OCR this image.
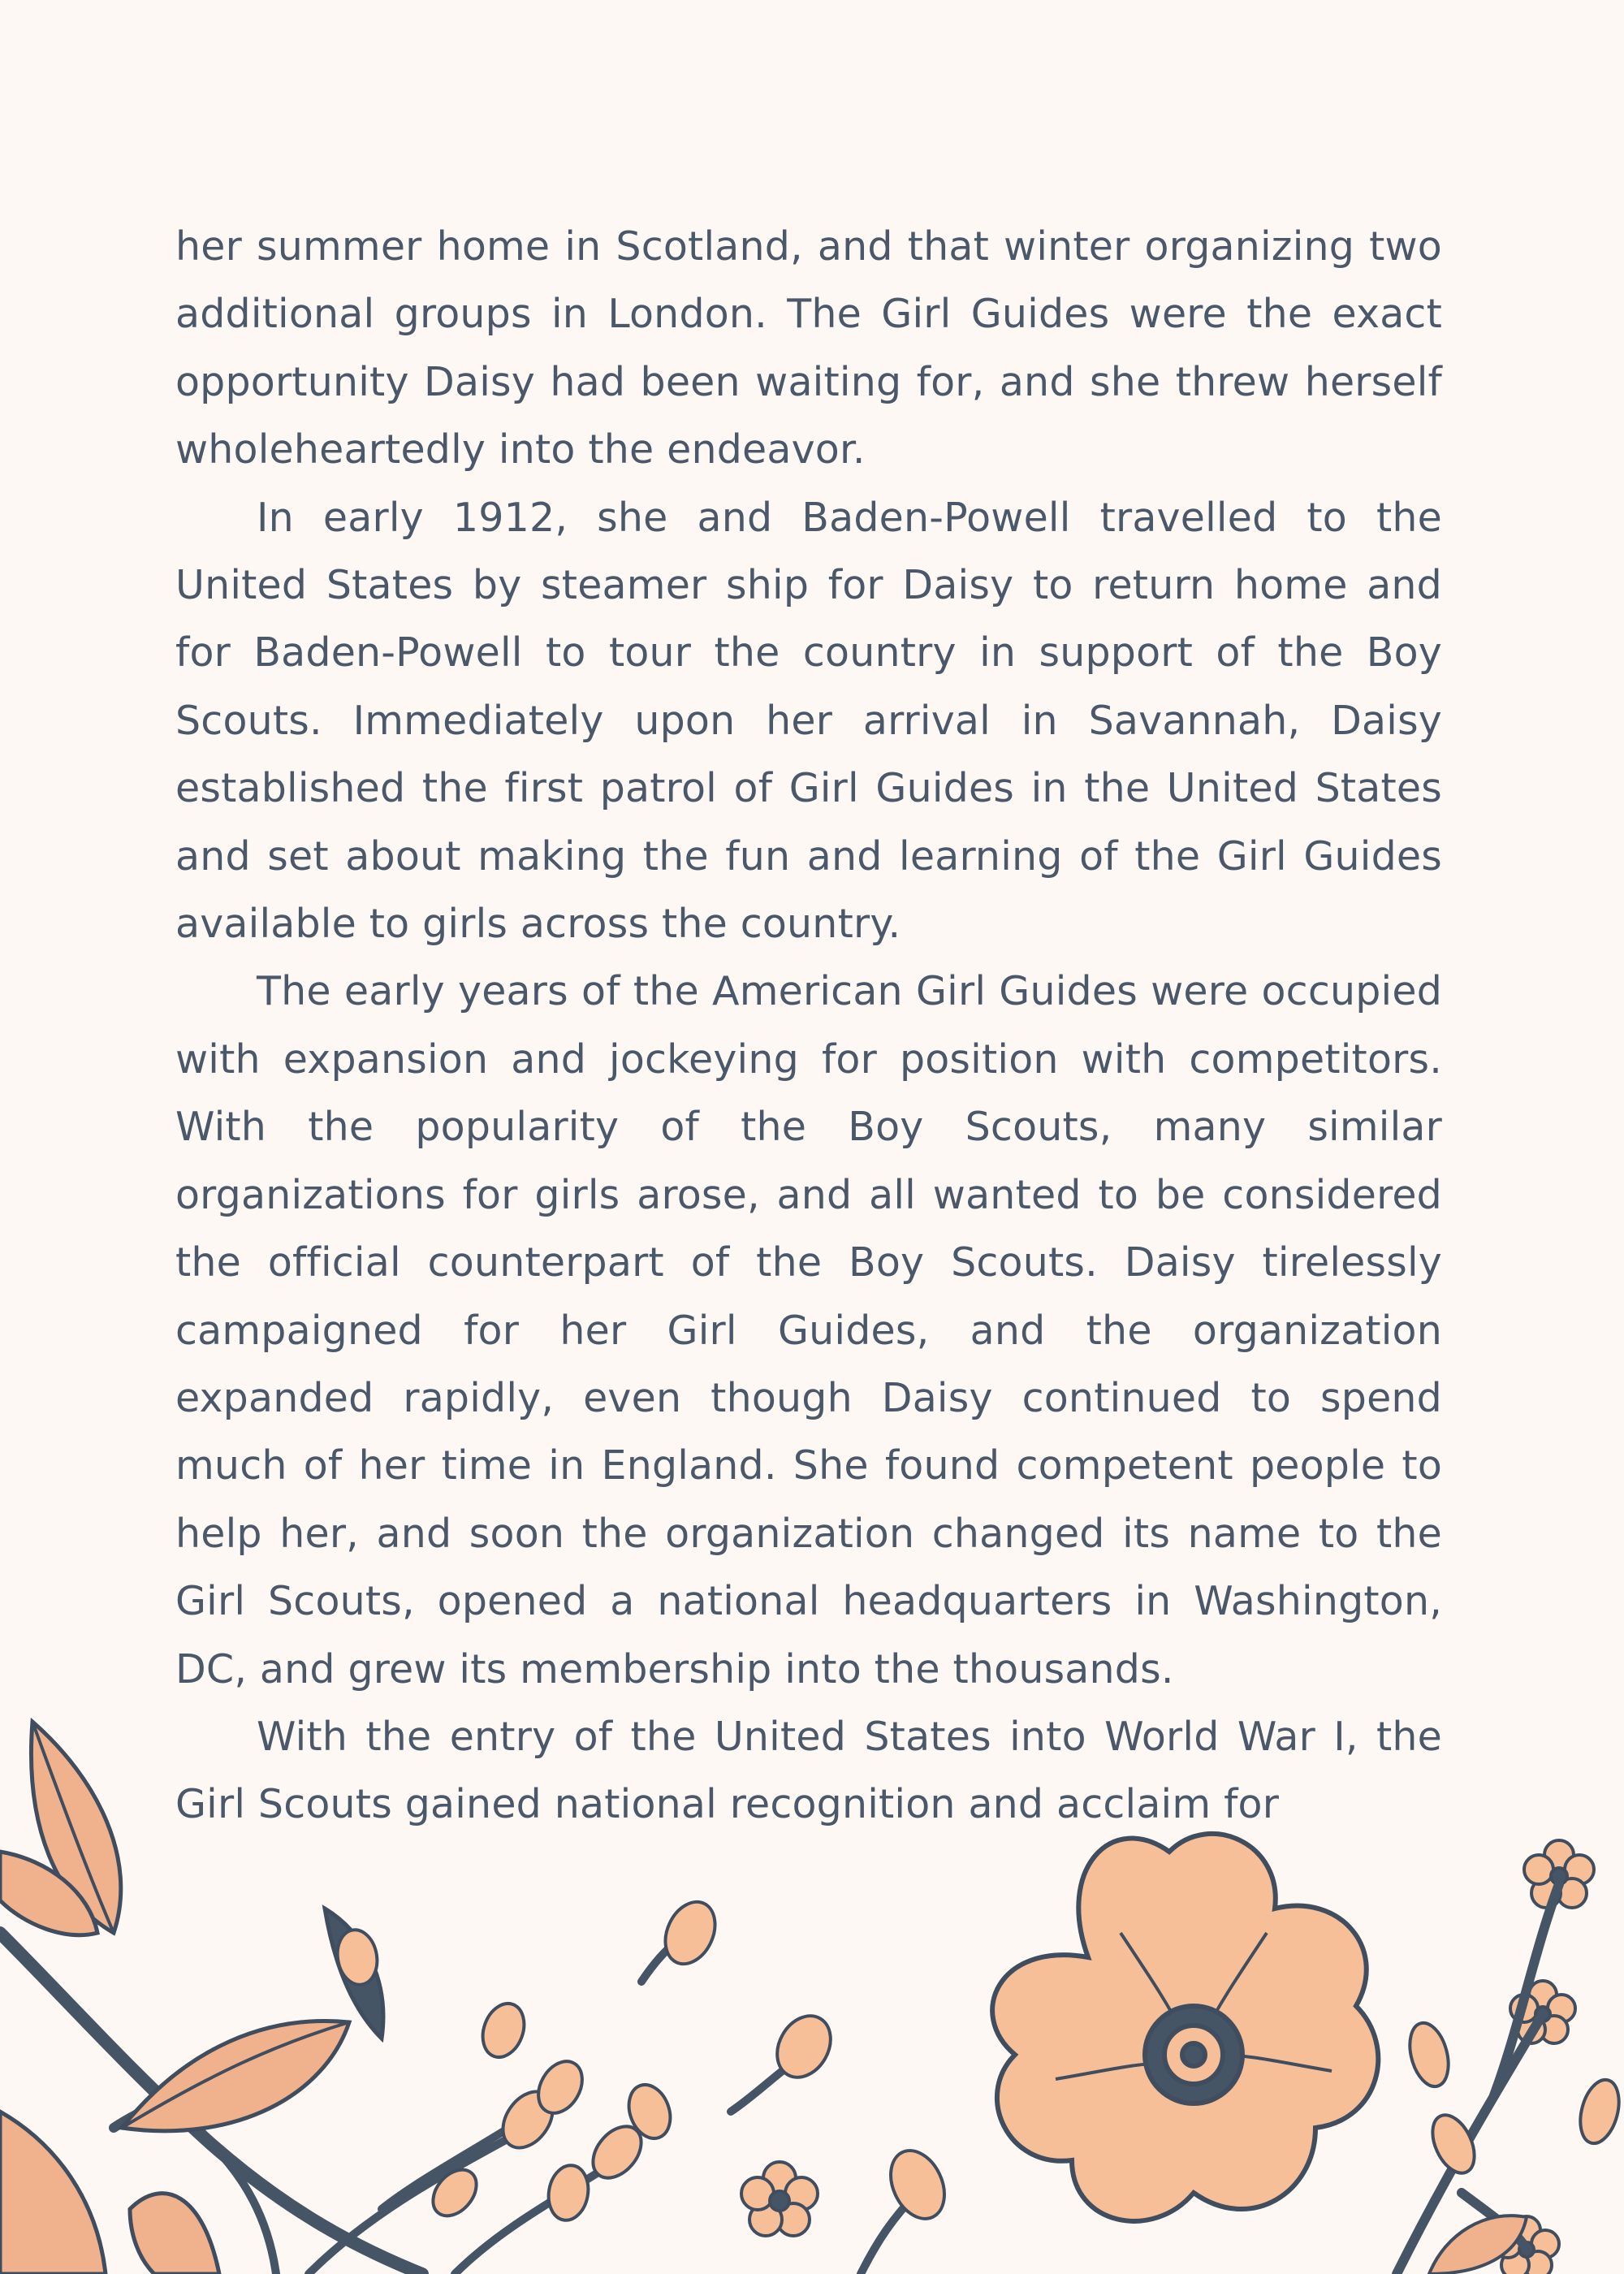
her summer home in Scotland, and that winter organizing two additional groups in London. The Girl Guides were the exact opportunity Daisy had been waiting for, and she threw herself wholeheartedly into the endeavor.

In early 1912, she and Baden-Powell travelled to the United States by steamer ship for Daisy to return home and for Baden-Powell to tour the country in support of the Boy Scouts. Immediately upon her arrival in Savannah, Daisy established the first patrol of Girl Guides in the United States and set about making the fun and learning of the Girl Guides available to girls across the country.

The early years of the American Girl Guides were occupied with expansion and jockeying for position with competitors. With the popularity of the Boy Scouts, many similar organizations for girls arose, and all wanted to be considered the official counterpart of the Boy Scouts. Daisy tirelessly campaigned for her Girl Guides, and the organization expanded rapidly, even though Daisy continued to spend much of her time in England. She found competent people to help her, and soon the organization changed its name to the Girl Scouts, opened a national headquarters in Washington, DC, and grew its membership into the thousands.

With the entry of the United States into World War I, the Girl Scouts gained national recognition and acclaim for
